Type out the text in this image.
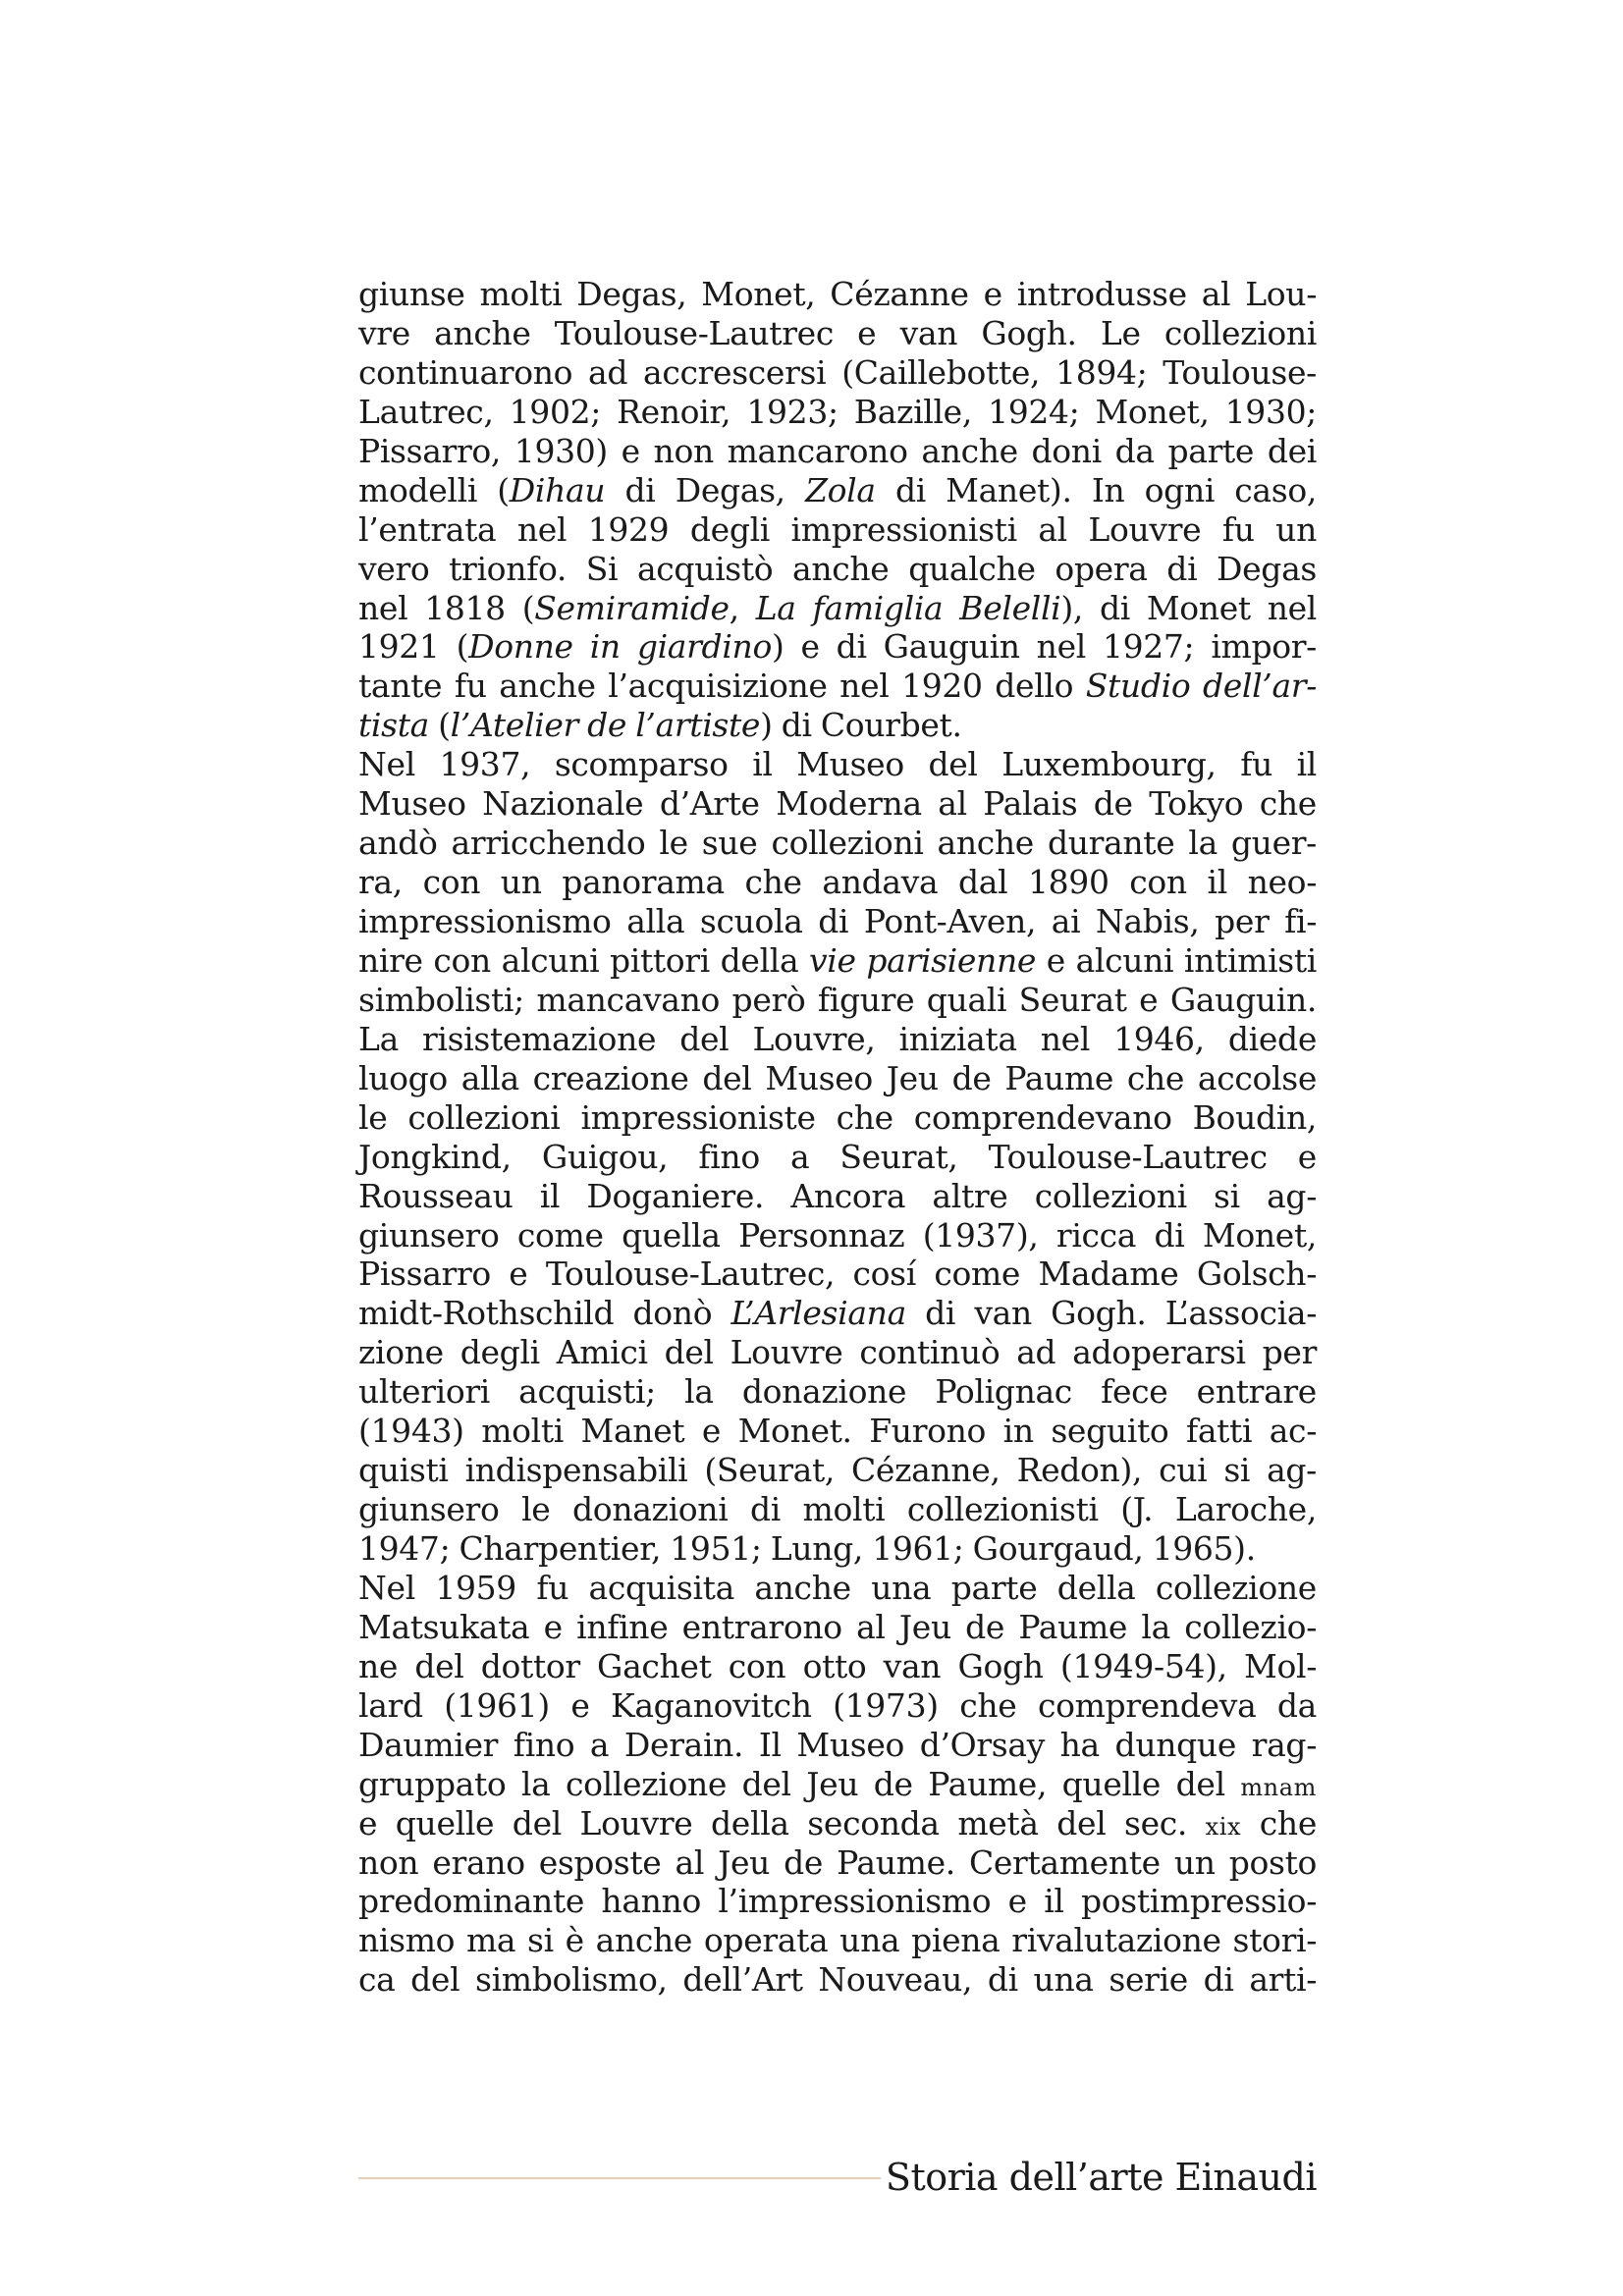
giunse molti Degas, Monet, Cézanne e introdusse al Lou-
vre anche Toulouse-Lautrec e van Gogh. Le collezioni
continuarono ad accrescersi (Caillebotte, 1894; Toulouse-
Lautrec, 1902; Renoir, 1923; Bazille, 1924; Monet, 1930;
Pissarro, 1930) e non mancarono anche doni da parte dei
modelli (Dihau di Degas, Zola di Manet). In ogni caso,
l’entrata nel 1929 degli impressionisti al Louvre fu un
vero trionfo. Si acquistò anche qualche opera di Degas
nel 1818 (Semiramide, La famiglia Belelli), di Monet nel
1921 (Donne in giardino) e di Gauguin nel 1927; impor-
tante fu anche l’acquisizione nel 1920 dello Studio dell’ar-
tista (l’Atelier de l’artiste) di Courbet.
Nel 1937, scomparso il Museo del Luxembourg, fu il
Museo Nazionale d’Arte Moderna al Palais de Tokyo che
andò arricchendo le sue collezioni anche durante la guer-
ra, con un panorama che andava dal 1890 con il neo-
impressionismo alla scuola di Pont-Aven, ai Nabis, per fi-
nire con alcuni pittori della vie parisienne e alcuni intimisti
simbolisti; mancavano però figure quali Seurat e Gauguin.
La risistemazione del Louvre, iniziata nel 1946, diede
luogo alla creazione del Museo Jeu de Paume che accolse
le collezioni impressioniste che comprendevano Boudin,
Jongkind, Guigou, fino a Seurat, Toulouse-Lautrec e
Rousseau il Doganiere. Ancora altre collezioni si ag-
giunsero come quella Personnaz (1937), ricca di Monet,
Pissarro e Toulouse-Lautrec, cosí come Madame Golsch-
midt-Rothschild donò L’Arlesiana di van Gogh. L’associa-
zione degli Amici del Louvre continuò ad adoperarsi per
ulteriori acquisti; la donazione Polignac fece entrare
(1943) molti Manet e Monet. Furono in seguito fatti ac-
quisti indispensabili (Seurat, Cézanne, Redon), cui si ag-
giunsero le donazioni di molti collezionisti (J. Laroche,
1947; Charpentier, 1951; Lung, 1961; Gourgaud, 1965).
Nel 1959 fu acquisita anche una parte della collezione
Matsukata e infine entrarono al Jeu de Paume la collezio-
ne del dottor Gachet con otto van Gogh (1949-54), Mol-
lard (1961) e Kaganovitch (1973) che comprendeva da
Daumier fino a Derain. Il Museo d’Orsay ha dunque rag-
gruppato la collezione del Jeu de Paume, quelle del mnam
e quelle del Louvre della seconda metà del sec. xix che
non erano esposte al Jeu de Paume. Certamente un posto
predominante hanno l’impressionismo e il postimpressio-
nismo ma si è anche operata una piena rivalutazione stori-
ca del simbolismo, dell’Art Nouveau, di una serie di arti-
Storia dell’arte Einaudi
